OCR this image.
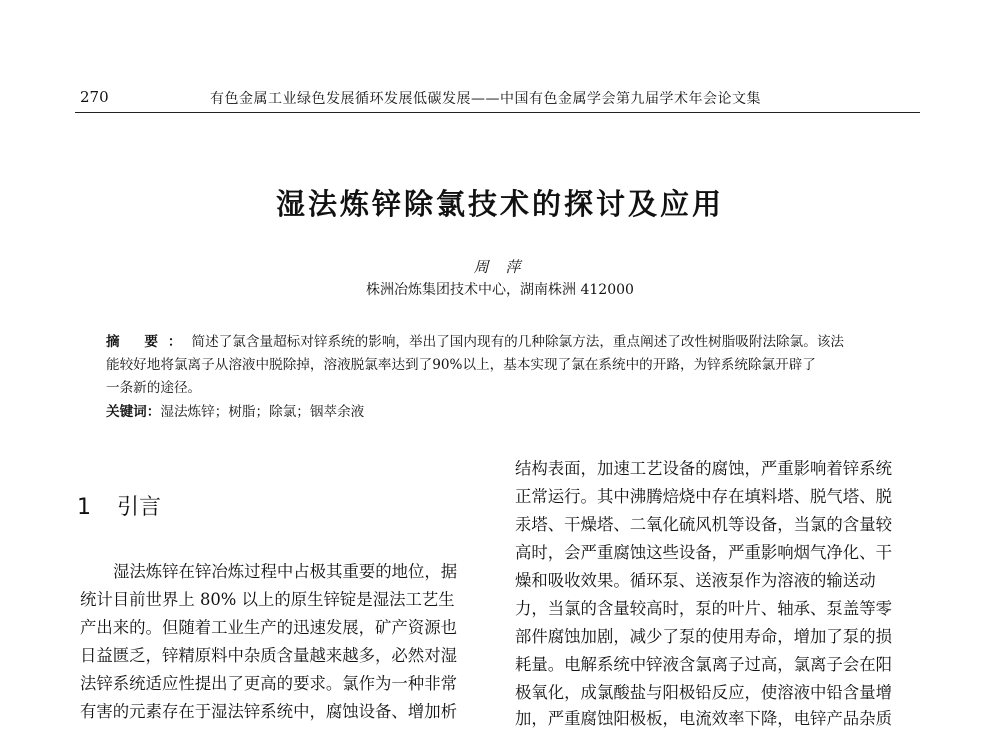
270	有色金属工业绿色发展循环发展低碳发展——中国有色金属学会第九届学术年会论文集
湿法炼锌除氯技术的探讨及应用
周 萍
株洲冶炼集团技术中心，湖南株洲 412000
摘 要：简述了氯含量超标对锌系统的影响，举出了国内现有的几种除氯方法，重点阐述了改性树脂吸附法除氯。该法
能较好地将氯离子从溶液中脱除掉，溶液脱氯率达到了90%以上，基本实现了氯在系统中的开路，为锌系统除氯开辟了
一条新的途径。
关键词：湿法炼锌；树脂；除氯；铟萃余液
1 引言
湿法炼锌在锌冶炼过程中占极其重要的地位，据
统计目前世界上 80% 以上的原生锌锭是湿法工艺生
产出来的。但随着工业生产的迅速发展，矿产资源也
日益匮乏，锌精原料中杂质含量越来越多，必然对湿
法锌系统适应性提出了更高的要求。氯作为一种非常
有害的元素存在于湿法锌系统中，腐蚀设备、增加析
结构表面，加速工艺设备的腐蚀，严重影响着锌系统
正常运行。其中沸腾焙烧中存在填料塔、脱气塔、脱
汞塔、干燥塔、二氧化硫风机等设备，当氯的含量较
高时，会严重腐蚀这些设备，严重影响烟气净化、干
燥和吸收效果。循环泵、送液泵作为溶液的输送动
力，当氯的含量较高时，泵的叶片、轴承、泵盖等零
部件腐蚀加剧，减少了泵的使用寿命，增加了泵的损
耗量。电解系统中锌液含氯离子过高，氯离子会在阳
极氧化，成氯酸盐与阳极铅反应，使溶液中铅含量增
加，严重腐蚀阳极板，电流效率下降，电锌产品杂质
